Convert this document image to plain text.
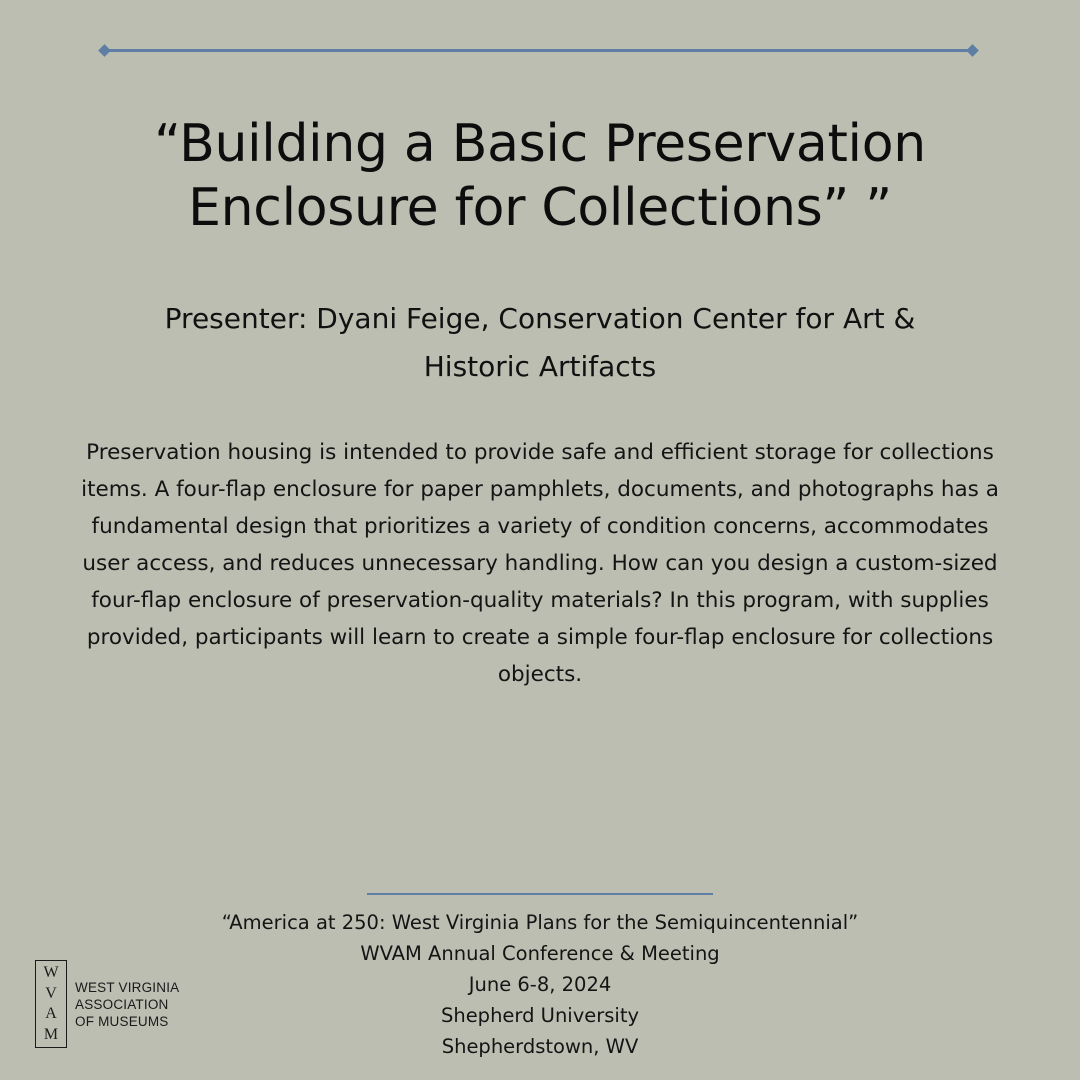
“Building a Basic Preservation
Enclosure for Collections” ”

Presenter: Dyani Feige, Conservation Center for Art &
Historic Artifacts

Preservation housing is intended to provide safe and efficient storage for collections items. A four-flap enclosure for paper pamphlets, documents, and photographs has a fundamental design that prioritizes a variety of condition concerns, accommodates user access, and reduces unnecessary handling. How can you design a custom-sized four-flap enclosure of preservation-quality materials? In this program, with supplies provided, participants will learn to create a simple four-flap enclosure for collections objects.

“America at 250: West Virginia Plans for the Semiquincentennial”
WVAM Annual Conference & Meeting
June 6-8, 2024
Shepherd University
Shepherdstown, WV
W
V
A
M
WEST VIRGINIA
ASSOCIATION
OF MUSEUMS
